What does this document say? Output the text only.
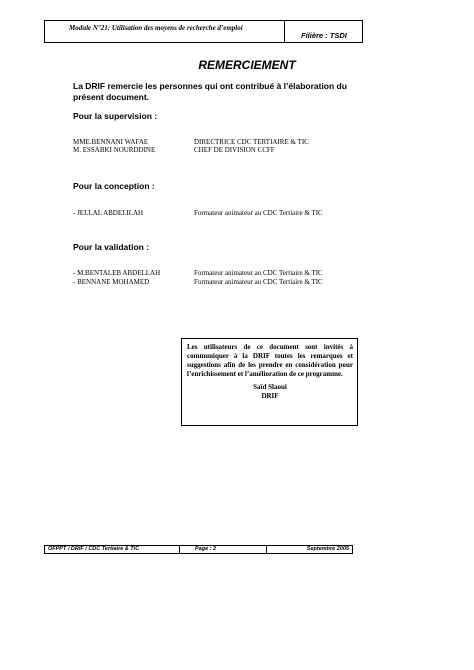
Module N°21: Utilisation des moyens de recherche d’emploi
Filière : TSDI
REMERCIEMENT
La DRIF remercie les personnes qui ont contribué à l’élaboration du présent document.
Pour la supervision :
MME.BENNANI WAFAE	DIRECTRICE CDC TERTIAIRE & TIC
M. ESSABKI NOURDDINE	CHEF DE DIVISION CCFF
Pour la conception :
- JELLAL ABDELILAH	Formateur animateur au CDC Tertiaire & TIC
Pour la validation :
- M.BENTALEB ABDELLAH	Formateur animateur au CDC Tertiaire & TIC
- BENNANE MOHAMED	Formateur animateur au CDC Tertiaire & TIC
Les utilisateurs de ce document sont invités à communiquer à la DRIF toutes les remarques et suggestions afin de les prendre en considération pour l’enrichissement et l’amélioration de ce programme.
Saïd Slaoui
DRIF
OFPPT / DRIF / CDC Tertiaire & TIC	Page : 2	Septembre 2005
